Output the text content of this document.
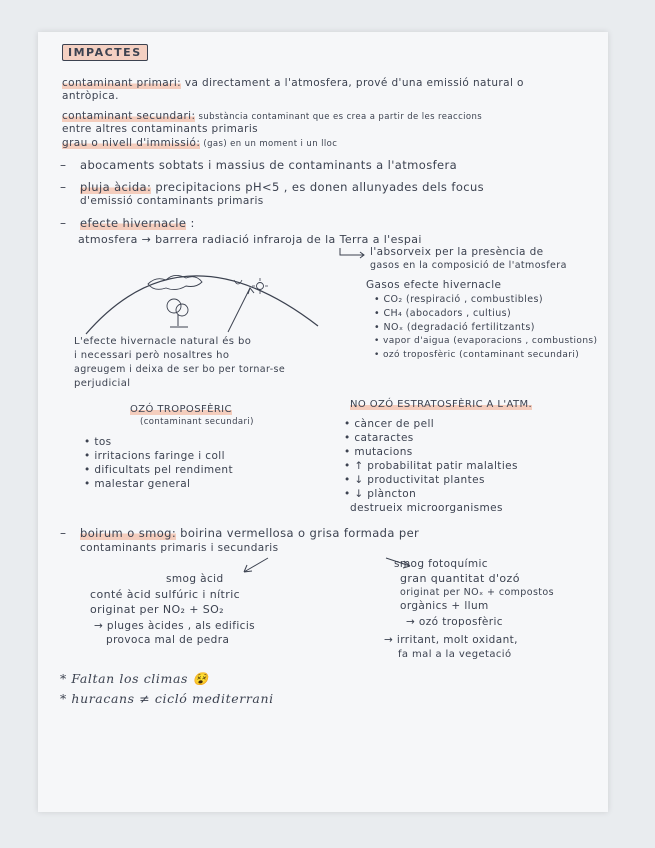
IMPACTES
contaminant primari: va directament a l'atmosfera, prové d'una emissió natural o
antròpica.
contaminant secundari: substància contaminant que es crea a partir de les reaccions
entre altres contaminants primaris
grau o nivell d'immissió: (gas) en un moment i un lloc
– abocaments sobtats i massius de contaminants a l'atmosfera
– pluja àcida: precipitacions pH<5 , es donen allunyades dels focus
d'emissió contaminants primaris
– efecte hivernacle :
atmosfera → barrera radiació infraroja de la Terra a l'espai
l'absorveix per la presència de
gasos en la composició de l'atmosfera
Gasos efecte hivernacle
• CO₂ (respiració , combustibles)
• CH₄ (abocadors , cultius)
• NOₓ (degradació fertilitzants)
• vapor d'aigua (evaporacions , combustions)
• ozó troposfèric (contaminant secundari)
L'efecte hivernacle natural és bo
i necessari però nosaltres ho
agreugem i deixa de ser bo per tornar-se
perjudicial
OZÓ TROPOSFÈRIC
(contaminant secundari)
• tos
• irritacions faringe i coll
• dificultats pel rendiment
• malestar general
NO OZÓ ESTRATOSFÈRIC A L'ATM.
• càncer de pell
• cataractes
• mutacions
• ↑ probabilitat patir malalties
• ↓ productivitat plantes
• ↓ plàncton
destrueix microorganismes
– boirum o smog: boirina vermellosa o grisa formada per
contaminants primaris i secundaris
smog àcid
conté àcid sulfúric i nítric
originat per NO₂ + SO₂
→ pluges àcides , als edificis
provoca mal de pedra
smog fotoquímic
gran quantitat d'ozó
originat per NOₓ + compostos
orgànics + llum
→ ozó troposfèric
→ irritant, molt oxidant,
fa mal a la vegetació
* Faltan los climas 😵
* huracans ≠ cicló mediterrani
